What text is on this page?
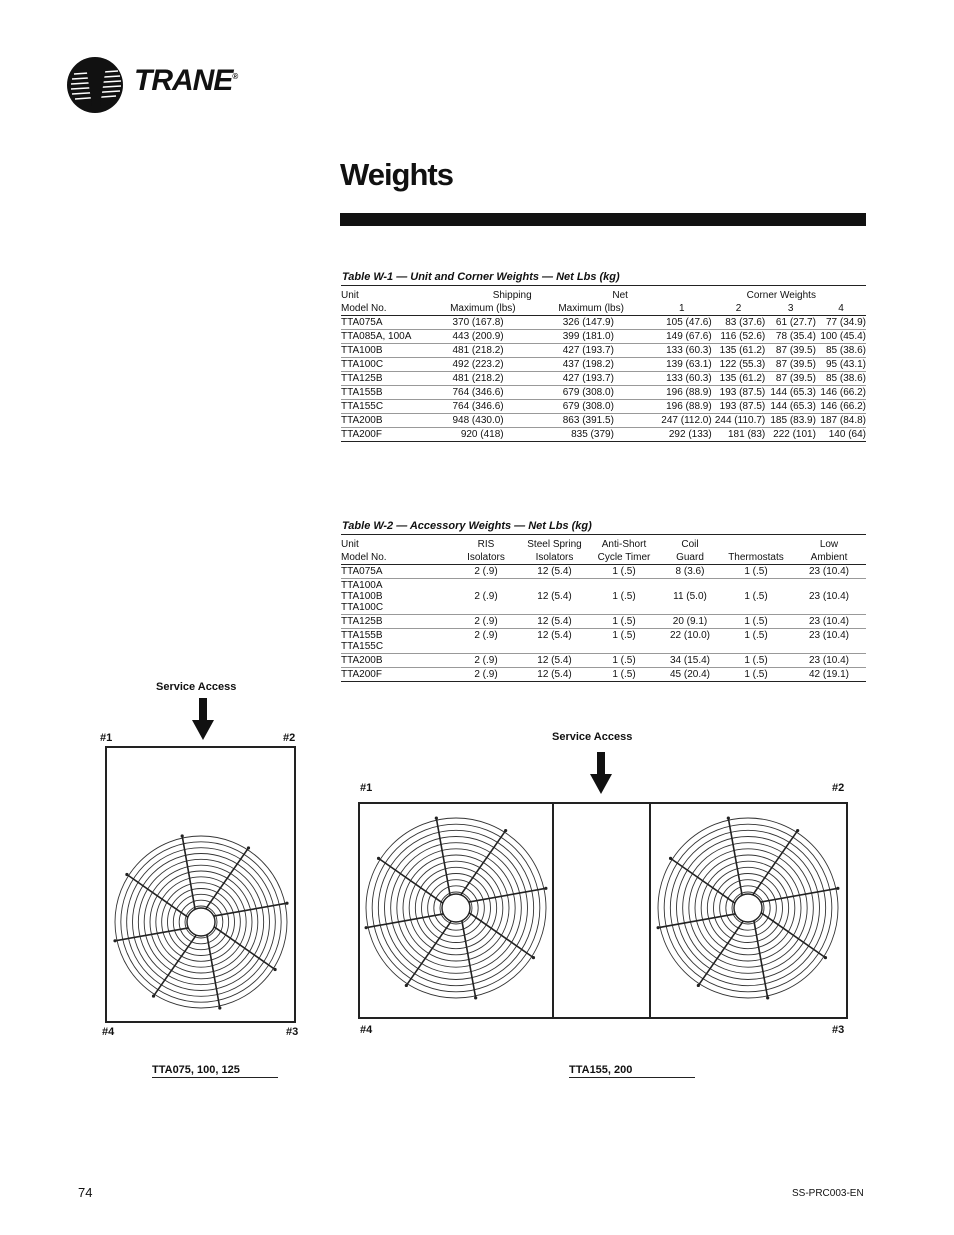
TRANE®
Weights
Table W-1 — Unit and Corner Weights — Net Lbs (kg)
Unit	Shipping	Net		Corner Weights		
Model No.	Maximum (lbs)	Maximum (lbs)	1	2	3	4
TTA075A	370 (167.8)	326 (147.9)	105 (47.6)	83 (37.6)	61 (27.7)	77 (34.9)
TTA085A, 100A	443 (200.9)	399 (181.0)	149 (67.6)	116 (52.6)	78 (35.4)	100 (45.4)
TTA100B	481 (218.2)	427 (193.7)	133 (60.3)	135 (61.2)	87 (39.5)	85 (38.6)
TTA100C	492 (223.2)	437 (198.2)	139 (63.1)	122 (55.3)	87 (39.5)	95 (43.1)
TTA125B	481 (218.2)	427 (193.7)	133 (60.3)	135 (61.2)	87 (39.5)	85 (38.6)
TTA155B	764 (346.6)	679 (308.0)	196 (88.9)	193 (87.5)	144 (65.3)	146 (66.2)
TTA155C	764 (346.6)	679 (308.0)	196 (88.9)	193 (87.5)	144 (65.3)	146 (66.2)
TTA200B	948 (430.0)	863 (391.5)	247 (112.0)	244 (110.7)	185 (83.9)	187 (84.8)
TTA200F	920 (418)	835 (379)	292 (133)	181 (83)	222 (101)	140 (64)
Table W-2 — Accessory Weights — Net Lbs (kg)
Unit	RIS	Steel Spring	Anti-Short	Coil		Low
Model No.	Isolators	Isolators	Cycle Timer	Guard	Thermostats	Ambient

TTA075A	2 (.9)	12 (5.4)	1 (.5)	8 (3.6)	1 (.5)	23 (10.4)

TTA100A
TTA100B
TTA100C	2 (.9)	12 (5.4)	1 (.5)	11 (5.0)	1 (.5)	23 (10.4)

TTA125B	2 (.9)	12 (5.4)	1 (.5)	20 (9.1)	1 (.5)	23 (10.4)

TTA155B
TTA155C	2 (.9)	12 (5.4)	1 (.5)	22 (10.0)	1 (.5)	23 (10.4)

TTA200B	2 (.9)	12 (5.4)	1 (.5)	34 (15.4)	1 (.5)	23 (10.4)

TTA200F	2 (.9)	12 (5.4)	1 (.5)	45 (20.4)	1 (.5)	42 (19.1)
Service Access
#1	#2
#4	#3
TTA075, 100, 125
Service Access
#1	#2
#4	#3
TTA155, 200
74	SS-PRC003-EN
